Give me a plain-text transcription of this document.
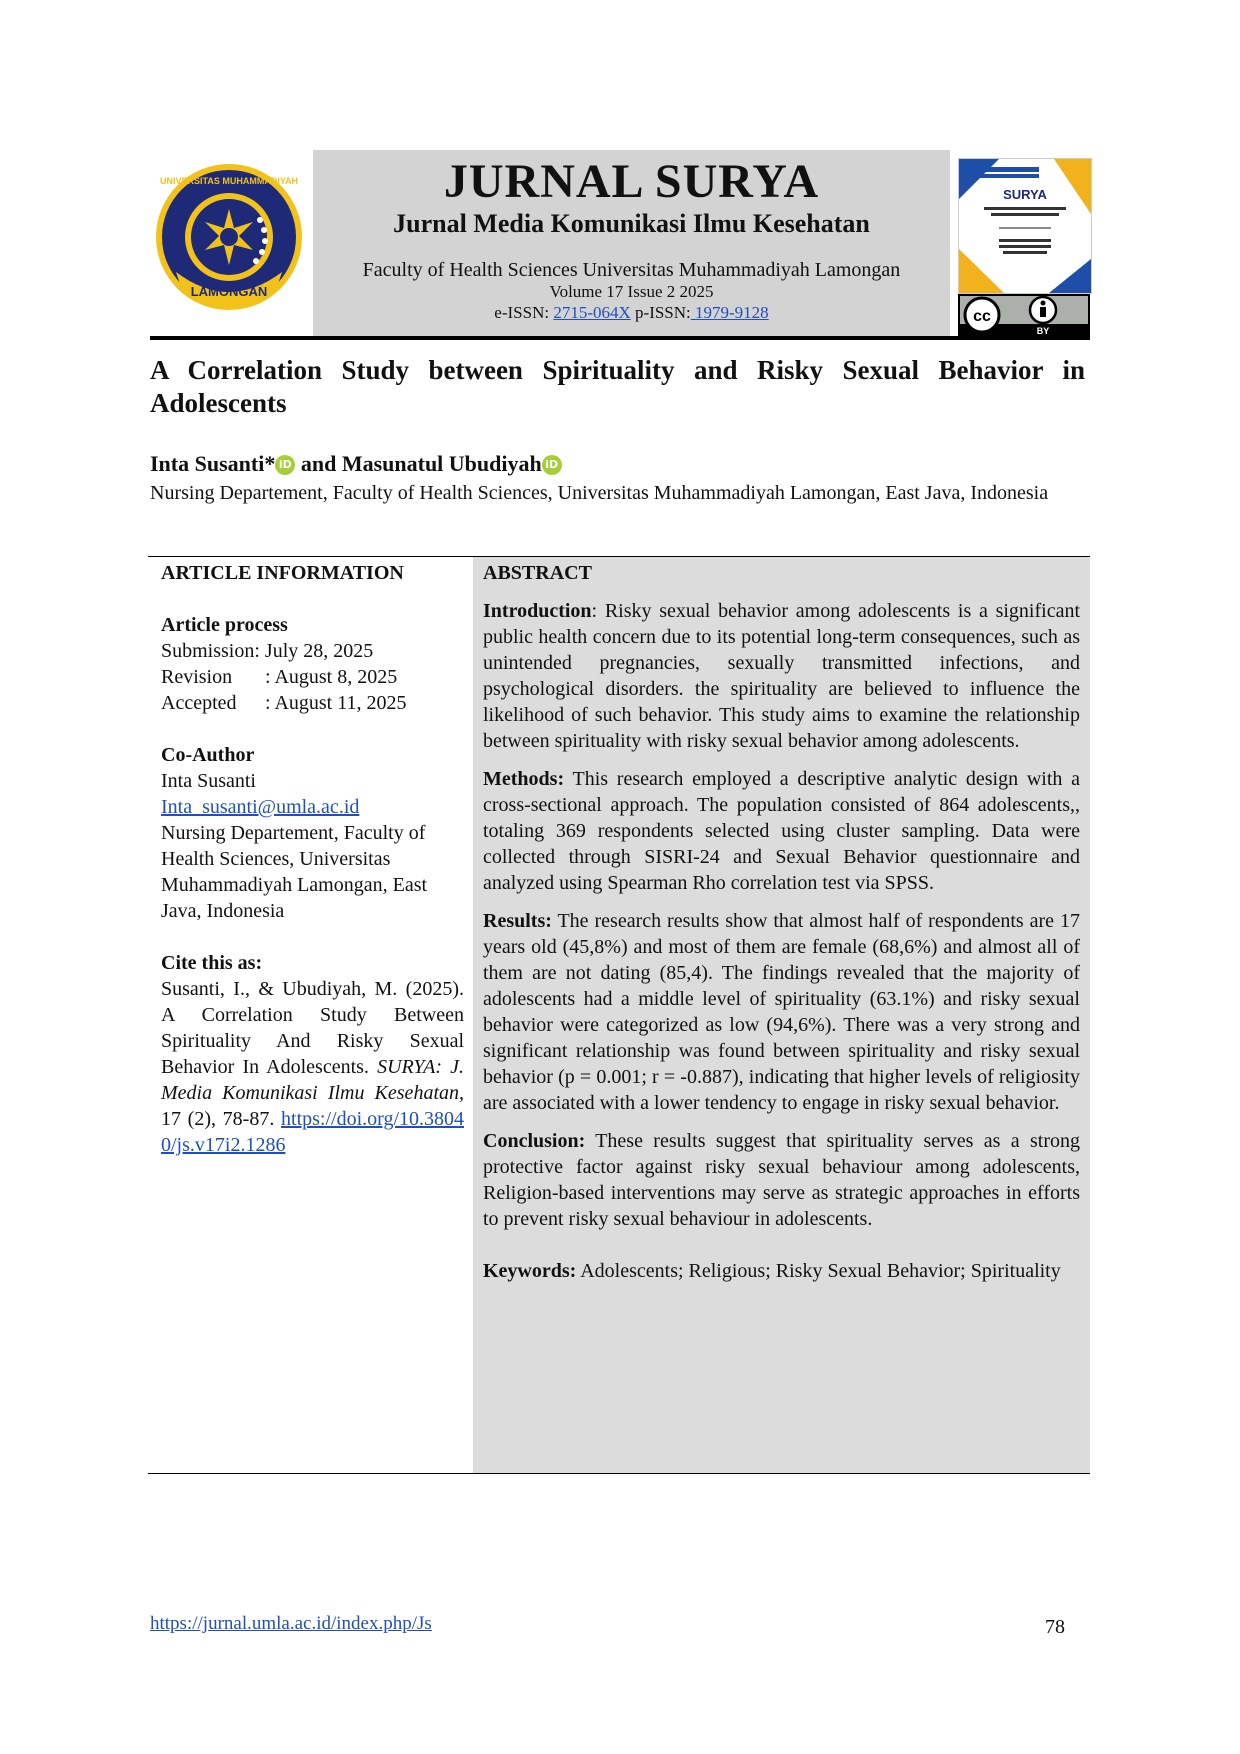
LAMONGAN
UNIVERSITAS MUHAMMADIYAH	JURNAL SURYA
Jurnal Media Komunikasi Ilmu Kesehatan
Faculty of Health Sciences Universitas Muhammadiyah Lamongan
Volume 17 Issue 2 2025
e-ISSN: 2715-064X p-ISSN: 1979-9128
SURYA
cc
BY
A Correlation Study between Spirituality and Risky Sexual Behavior in Adolescents
Inta Susanti* iD and Masunatul Ubudiyah iD
Nursing Departement, Faculty of Health Sciences, Universitas Muhammadiyah Lamongan, East Java, Indonesia
ARTICLE INFORMATION
Article process
Submission: July 28, 2025
Revision	: August 8, 2025
Accepted	: August 11, 2025
Co-Author
Inta Susanti
Inta_susanti@umla.ac.id
Nursing Departement, Faculty of Health Sciences, Universitas Muhammadiyah Lamongan, East Java, Indonesia
Cite this as:
Susanti, I., & Ubudiyah, M. (2025). A Correlation Study Between Spirituality And Risky Sexual Behavior In Adolescents. SURYA: J. Media Komunikasi Ilmu Kesehatan, 17 (2), 78-87. https://doi.org/10.38040/js.v17i2.1286
ABSTRACT
Introduction: Risky sexual behavior among adolescents is a significant public health concern due to its potential long-term consequences, such as unintended pregnancies, sexually transmitted infections, and psychological disorders. the spirituality are believed to influence the likelihood of such behavior. This study aims to examine the relationship between spirituality with risky sexual behavior among adolescents.
Methods: This research employed a descriptive analytic design with a cross-sectional approach. The population consisted of 864 adolescents,, totaling 369 respondents selected using cluster sampling. Data were collected through SISRI-24 and Sexual Behavior questionnaire and analyzed using Spearman Rho correlation test via SPSS.
Results: The research results show that almost half of respondents are 17 years old (45,8%) and most of them are female (68,6%) and almost all of them are not dating (85,4). The findings revealed that the majority of adolescents had a middle level of spirituality (63.1%) and risky sexual behavior were categorized as low (94,6%). There was a very strong and significant relationship was found between spirituality and risky sexual behavior (p = 0.001; r = -0.887), indicating that higher levels of religiosity are associated with a lower tendency to engage in risky sexual behavior.
Conclusion: These results suggest that spirituality serves as a strong protective factor against risky sexual behaviour among adolescents, Religion-based interventions may serve as strategic approaches in efforts to prevent risky sexual behaviour in adolescents.
Keywords: Adolescents; Religious; Risky Sexual Behavior; Spirituality
https://jurnal.umla.ac.id/index.php/Js	78
